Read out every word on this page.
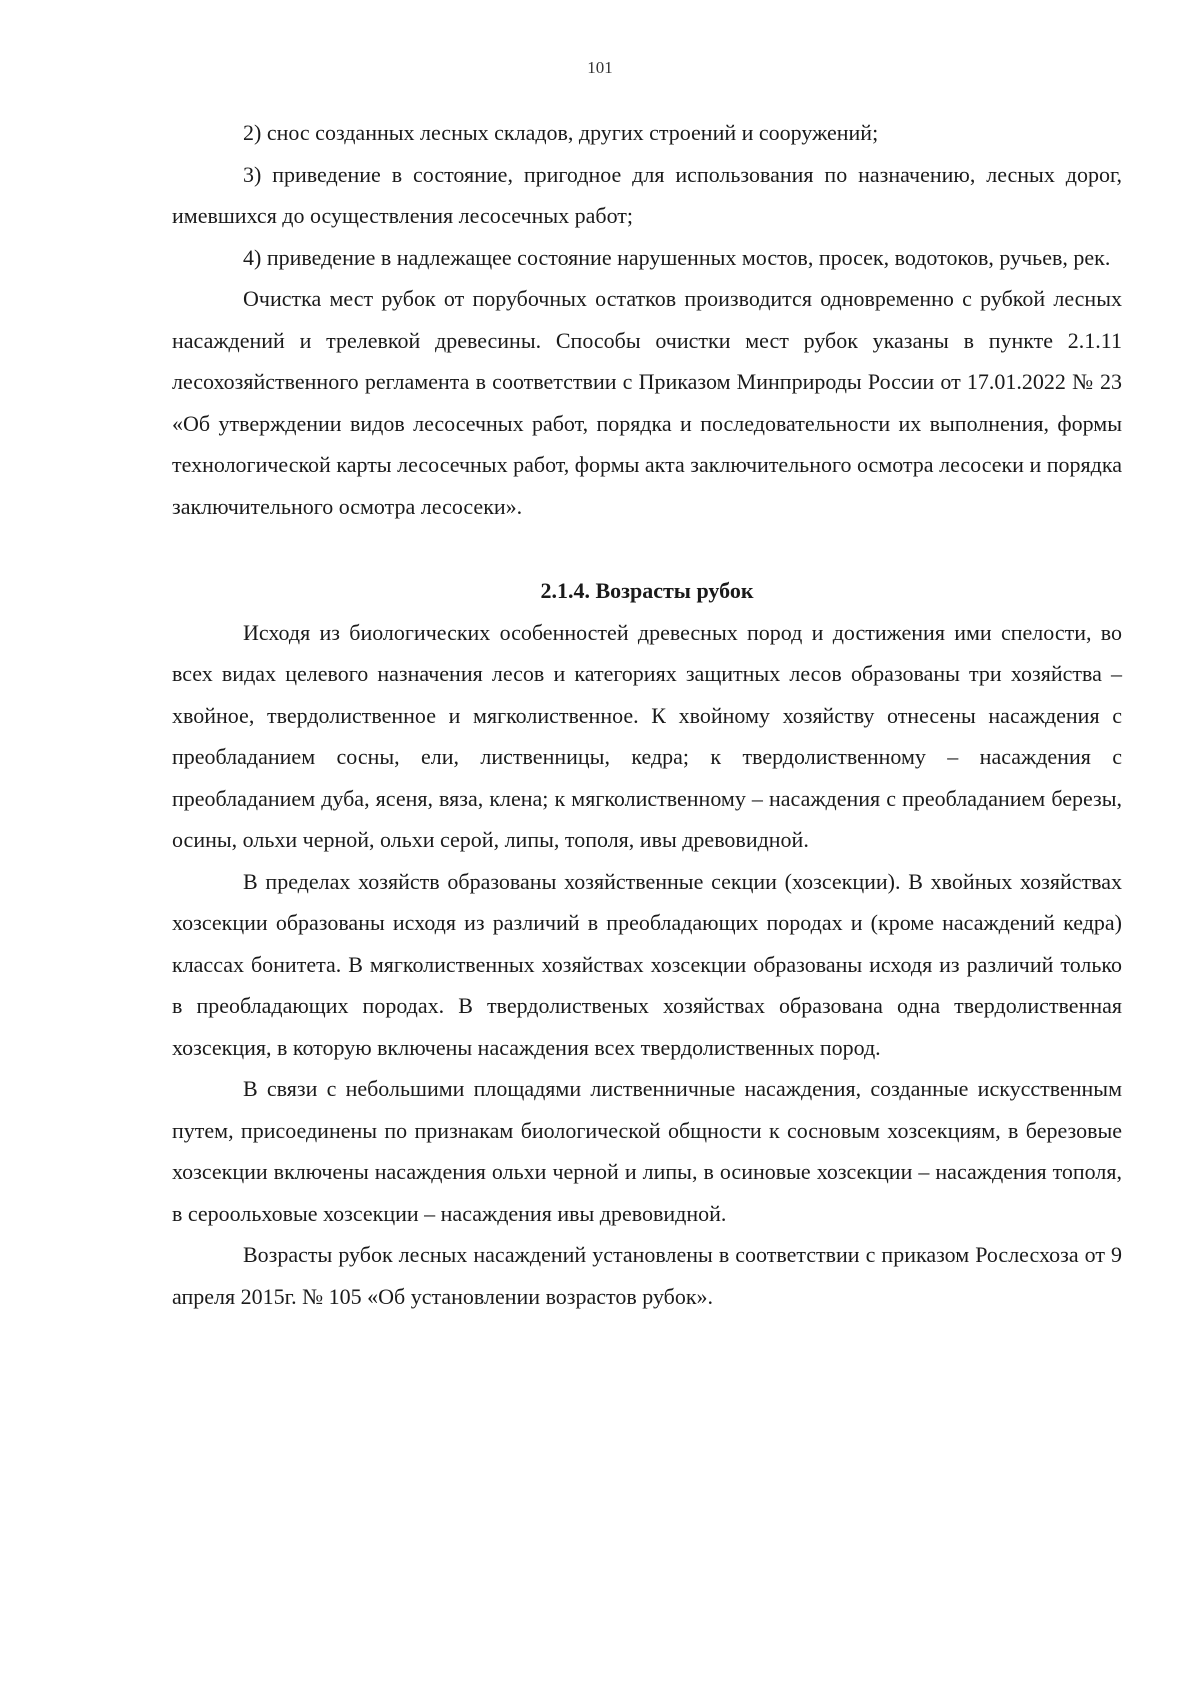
101

2) снос созданных лесных складов, других строений и сооружений;

3) приведение в состояние, пригодное для использования по назначению, лесных дорог, имевшихся до осуществления лесосечных работ;

4) приведение в надлежащее состояние нарушенных мостов, просек, водотоков, ручьев, рек.

Очистка мест рубок от порубочных остатков производится одновременно с рубкой лесных насаждений и трелевкой древесины. Способы очистки мест рубок указаны в пункте 2.1.11 лесохозяйственного регламента в соответствии с Приказом Минприроды России от 17.01.2022 № 23 «Об утверждении видов лесосечных работ, порядка и последовательности их выполнения, формы технологической карты лесосечных работ, формы акта заключительного осмотра лесосеки и порядка заключительного осмотра лесосеки».

2.1.4. Возрасты рубок

Исходя из биологических особенностей древесных пород и достижения ими спелости, во всех видах целевого назначения лесов и категориях защитных лесов образованы три хозяйства – хвойное, твердолиственное и мягколиственное. К хвойному хозяйству отнесены насаждения с преобладанием сосны, ели, лиственницы, кедра; к твердолиственному – насаждения с преобладанием дуба, ясеня, вяза, клена; к мягколиственному – насаждения с преобладанием березы, осины, ольхи черной, ольхи серой, липы, тополя, ивы древовидной.

В пределах хозяйств образованы хозяйственные секции (хозсекции). В хвойных хозяйствах хозсекции образованы исходя из различий в преобладающих породах и (кроме насаждений кедра) классах бонитета. В мягколиственных хозяйствах хозсекции образованы исходя из различий только в преобладающих породах. В твердолиственых хозяйствах образована одна твердолиственная хозсекция, в которую включены насаждения всех твердолиственных пород.

В связи с небольшими площадями лиственничные насаждения, созданные искусственным путем, присоединены по признакам биологической общности к сосновым хозсекциям, в березовые хозсекции включены насаждения ольхи черной и липы, в осиновые хозсекции – насаждения тополя, в сероольховые хозсекции – насаждения ивы древовидной.

Возрасты рубок лесных насаждений установлены в соответствии с приказом Рослесхоза от 9 апреля 2015г. № 105 «Об установлении возрастов рубок».
